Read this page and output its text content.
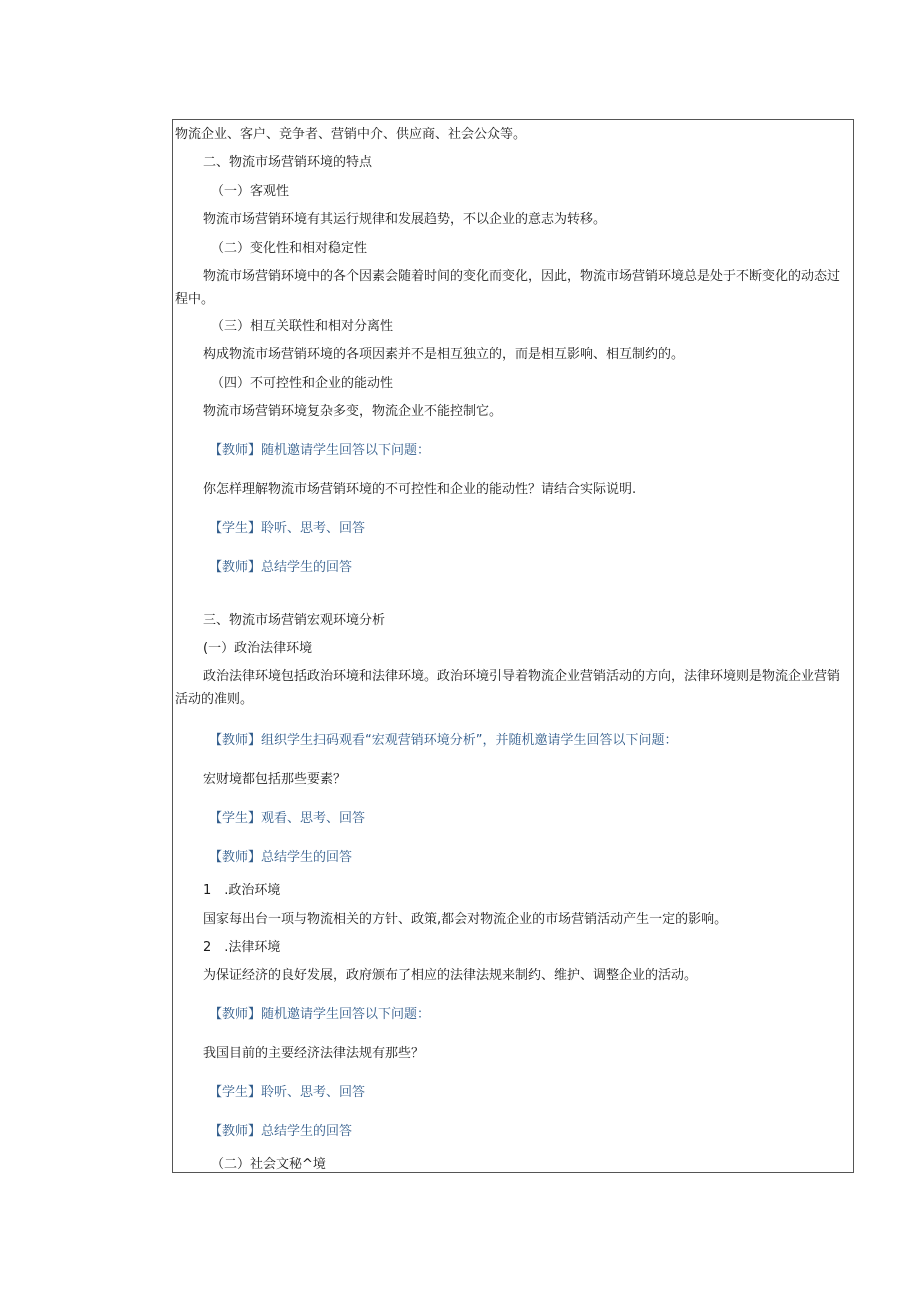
物流企业、客户、竞争者、营销中介、供应商、社会公众等。
二、物流市场营销环境的特点
（一）客观性
物流市场营销环境有其运行规律和发展趋势，不以企业的意志为转移。
（二）变化性和相对稳定性
物流市场营销环境中的各个因素会随着时间的变化而变化，因此，物流市场营销环境总是处于不断变化的动态过程中。
（三）相互关联性和相对分离性
构成物流市场营销环境的各项因素并不是相互独立的，而是相互影响、相互制约的。
（四）不可控性和企业的能动性
物流市场营销环境复杂多变，物流企业不能控制它。
【教师】随机邀请学生回答以下问题：
你怎样理解物流市场营销环境的不可控性和企业的能动性？请结合实际说明.
【学生】聆听、思考、回答
【教师】总结学生的回答
三、物流市场营销宏观环境分析
(一）政治法律环境
政治法律环境包括政治环境和法律环境。政治环境引导着物流企业营销活动的方向，法律环境则是物流企业营销活动的准则。
【教师】组织学生扫码观看“宏观营销环境分析”，并随机邀请学生回答以下问题：
宏财境都包括那些要素？
【学生】观看、思考、回答
【教师】总结学生的回答
1　.政治环境
国家每出台一项与物流相关的方针、政策,都会对物流企业的市场营销活动产生一定的影响。
2　.法律环境
为保证经济的良好发展，政府颁布了相应的法律法规来制约、维护、调整企业的活动。
【教师】随机邀请学生回答以下问题：
我国目前的主要经济法律法规有那些？
【学生】聆听、思考、回答
【教师】总结学生的回答
（二）社会文秘^境
